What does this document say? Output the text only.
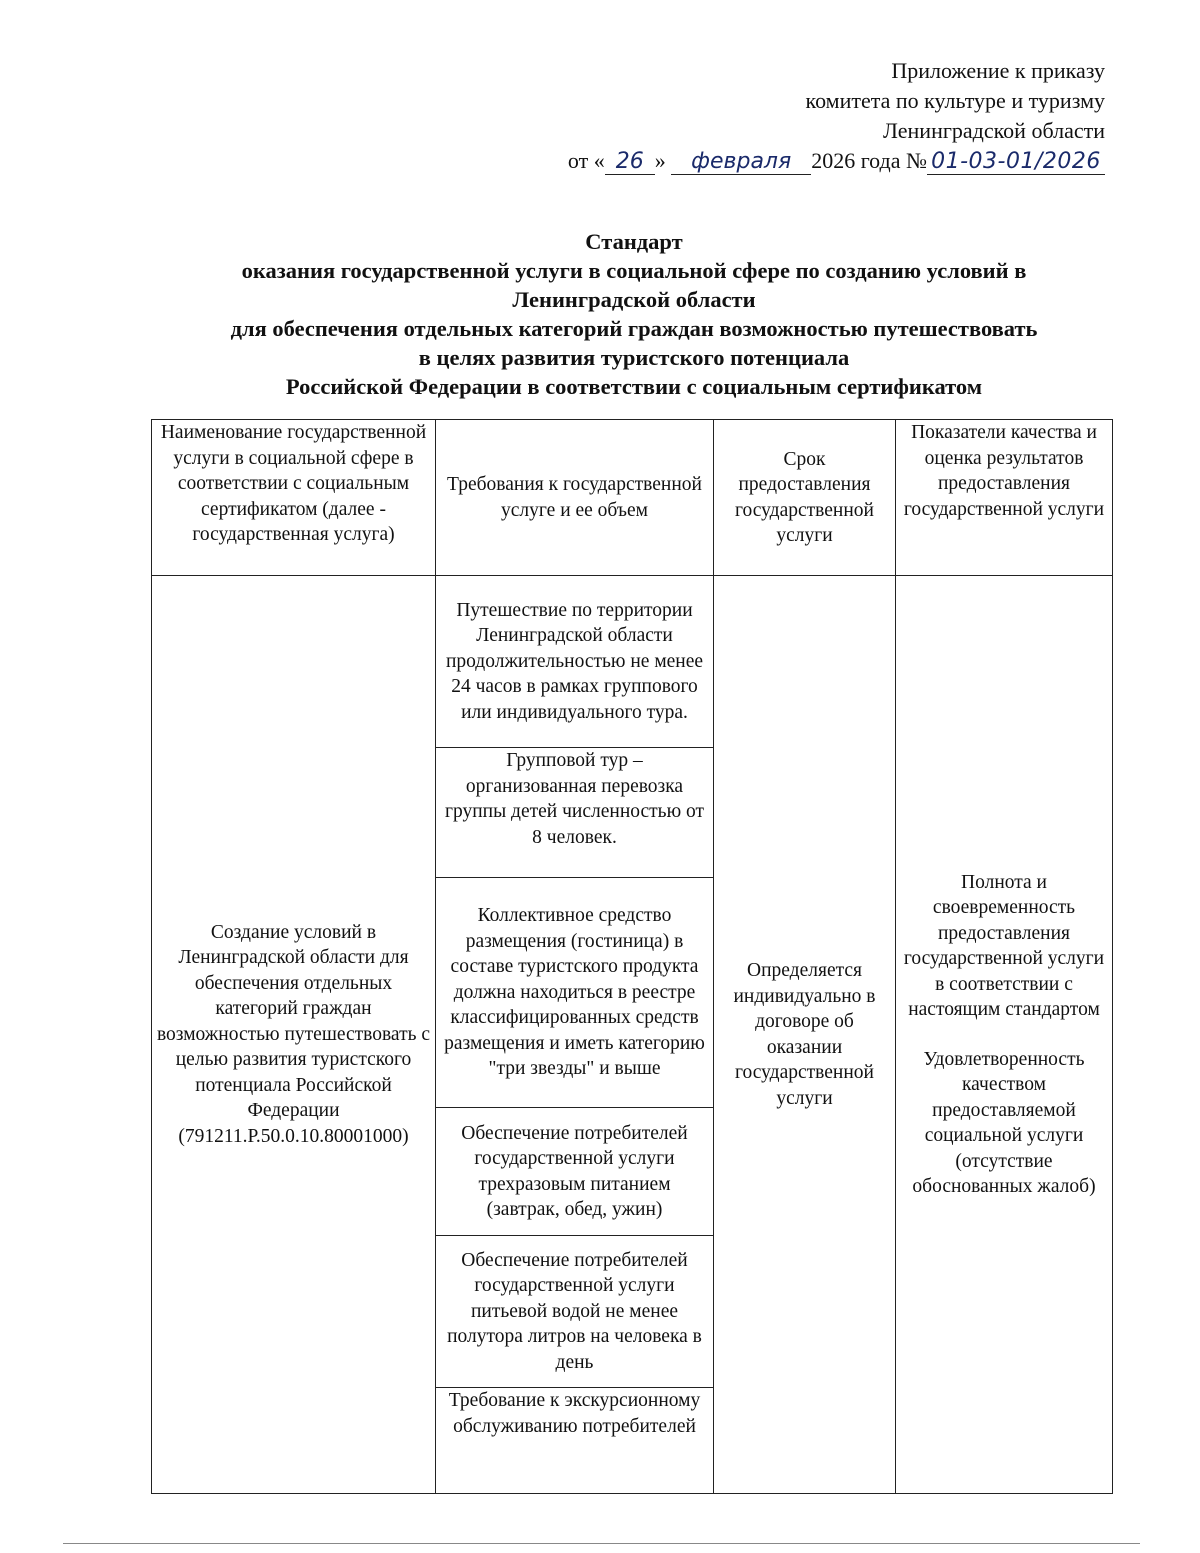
Приложение к приказу
комитета по культуре и туризму
Ленинградской области
от « 26 » февраля 2026 года № 01-03-01/2026
Стандарт
оказания государственной услуги в социальной сфере по созданию условий в
Ленинградской области
для обеспечения отдельных категорий граждан возможностью путешествовать
в целях развития туристского потенциала
Российской Федерации в соответствии с социальным сертификатом
Наименование государственной услуги в социальной сфере в соответствии с социальным сертификатом (далее - государственная услуга)	Требования к государственной услуге и ее объем	Срок предоставления государственной услуги	Показатели качества и оценка результатов предоставления государственной услуги
Создание условий в Ленинградской области для обеспечения отдельных категорий граждан возможностью путешествовать с целью развития туристского потенциала Российской Федерации (791211.Р.50.0.10.80001000)	Путешествие по территории Ленинградской области продолжительностью не менее 24 часов в рамках группового или индивидуального тура.	Определяется индивидуально в договоре об оказании государственной услуги	Полнота и своевременность предоставления государственной услуги в соответствии с настоящим стандартом
Удовлетворенность качеством предоставляемой социальной услуги (отсутствие обоснованных жалоб)
	Групповой тур – организованная перевозка группы детей численностью от 8 человек.		
	Коллективное средство размещения (гостиница) в составе туристского продукта должна находиться в реестре классифицированных средств размещения и иметь категорию "три звезды" и выше		
	Обеспечение потребителей государственной услуги трехразовым питанием (завтрак, обед, ужин)		
	Обеспечение потребителей государственной услуги питьевой водой не менее полутора литров на человека в день		
	Требование к экскурсионному обслуживанию потребителей		
